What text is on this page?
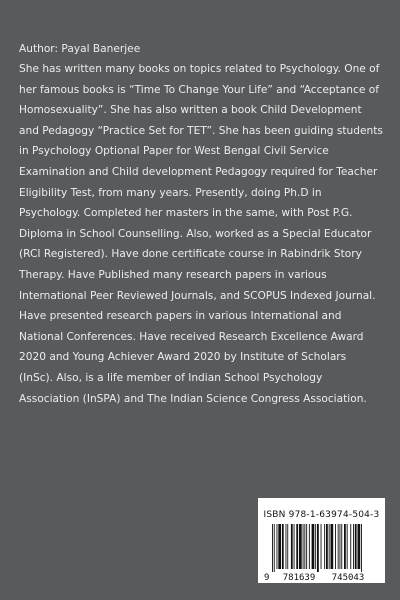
Author: Payal Banerjee

She has written many books on topics related to Psychology. One of her famous books is “Time To Change Your Life” and “Acceptance of Homosexuality”. She has also written a book Child Development and Pedagogy “Practice Set for TET”. She has been guiding students in Psychology Optional Paper for West Bengal Civil Service Examination and Child development Pedagogy required for Teacher Eligibility Test, from many years. Presently, doing Ph.D in Psychology. Completed her masters in the same, with Post P.G. Diploma in School Counselling. Also, worked as a Special Educator (RCI Registered). Have done certificate course in Rabindrik Story Therapy. Have Published many research papers in various International Peer Reviewed Journals, and SCOPUS Indexed Journal. Have presented research papers in various International and National Conferences. Have received Research Excellence Award 2020 and Young Achiever Award 2020 by Institute of Scholars (InSc). Also, is a life member of Indian School Psychology Association (InSPA) and The Indian Science Congress Association.

ISBN 978-1-63974-504-3

9 781639 745043
